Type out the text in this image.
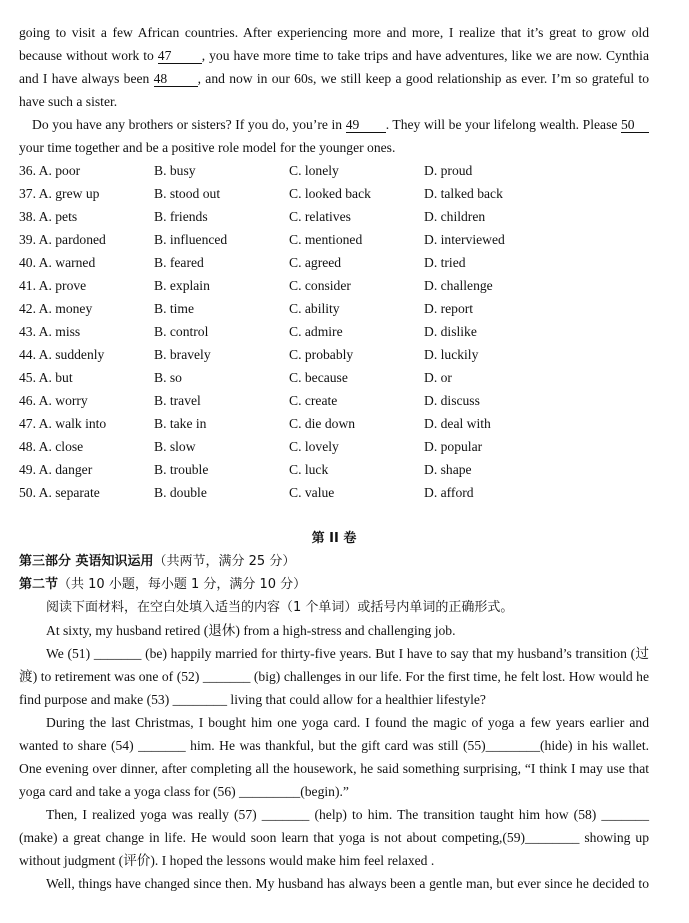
going to visit a few African countries. After experiencing more and more, I realize that it’s great to grow old
because without work to 47 , you have more time to take trips and have adventures, like we are now. Cynthia
and I have always been 48 , and now in our 60s, we still keep a good relationship as ever. I’m so grateful to
have such a sister.
Do you have any brothers or sisters? If you do, you’re in 49 . They will be your lifelong wealth. Please 50
your time together and be a positive role model for the younger ones.
36. A. poor	B. busy	C. lonely	D. proud
37. A. grew up	B. stood out	C. looked back	D. talked back
38. A. pets	B. friends	C. relatives	D. children
39. A. pardoned	B. influenced	C. mentioned	D. interviewed
40. A. warned	B. feared	C. agreed	D. tried
41. A. prove	B. explain	C. consider	D. challenge
42. A. money	B. time	C. ability	D. report
43. A. miss	B. control	C. admire	D. dislike
44. A. suddenly	B. bravely	C. probably	D. luckily
45. A. but	B. so	C. because	D. or
46. A. worry	B. travel	C. create	D. discuss
47. A. walk into	B. take in	C. die down	D. deal with
48. A. close	B. slow	C. lovely	D. popular
49. A. danger	B. trouble	C. luck	D. shape
50. A. separate	B. double	C. value	D. afford
第 II 卷
第三部分 英语知识运用（共两节，满分 25 分）
第二节（共 10 小题，每小题 1 分，满分 10 分）
阅读下面材料，在空白处填入适当的内容（1 个单词）或括号内单词的正确形式。
At sixty, my husband retired (退休) from a high-stress and challenging job.
We (51) _______ (be) happily married for thirty-five years. But I have to say that my husband’s transition (过
渡) to retirement was one of (52) _______ (big) challenges in our life. For the first time, he felt lost. How would he
find purpose and make (53) ________ living that could allow for a healthier lifestyle?
During the last Christmas, I bought him one yoga card. I found the magic of yoga a few years earlier and
wanted to share (54) _______ him. He was thankful, but the gift card was still (55)________(hide) in his wallet.
One evening over dinner, after completing all the housework, he said something surprising, “I think I may use that
yoga card and take a yoga class for (56) _________(begin).”
Then, I realized yoga was really (57) _______ (help) to him. The transition taught him how (58) _______
(make) a great change in life. He would soon learn that yoga is not about competing,(59)________ showing up
without judgment (评价). I hoped the lessons would make him feel relaxed .
Well, things have changed since then. My husband has always been a gentle man, but ever since he decided to
